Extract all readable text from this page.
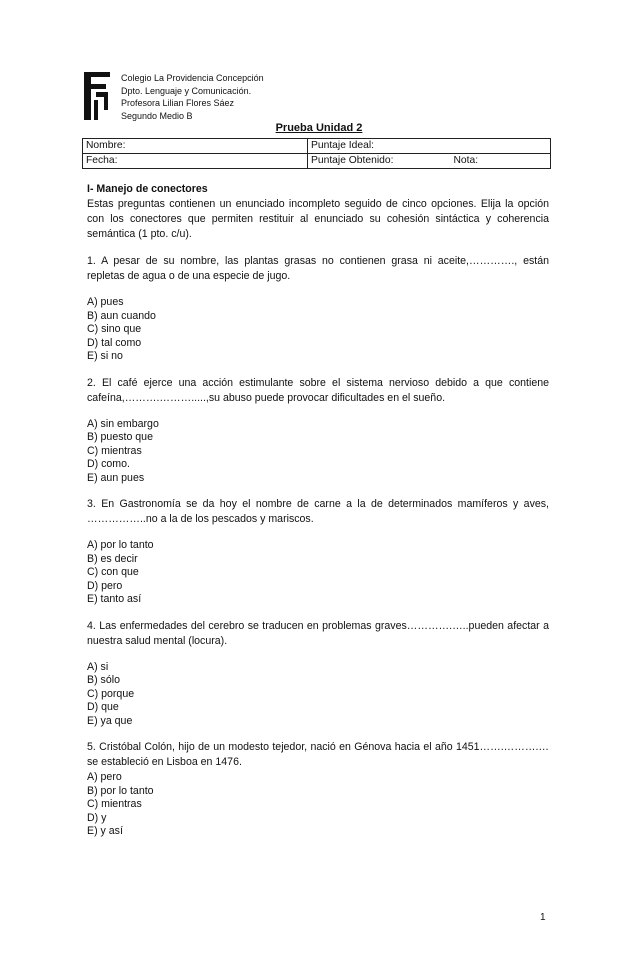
Colegio La Providencia Concepción
Dpto. Lenguaje y Comunicación.
Profesora Lilian Flores Sáez
Segundo Medio B
Prueba Unidad 2
Nombre:	Puntaje Ideal:
Fecha:	Puntaje Obtenido: Nota:

I- Manejo de conectores

Estas preguntas contienen un enunciado incompleto seguido de cinco opciones. Elija la opción con los conectores que permiten restituir al enunciado su cohesión sintáctica y coherencia semántica (1 pto. c/u).

1. A pesar de su nombre, las plantas grasas no contienen grasa ni aceite,…………., están repletas de agua o de una especie de jugo.

A) pues
B) aun cuando
C) sino que
D) tal como
E) si no

2. El café ejerce una acción estimulante sobre el sistema nervioso debido a que contiene cafeína,……….……….....,su abuso puede provocar dificultades en el sueño.

A) sin embargo
B) puesto que
C) mientras
D) como.
E) aun pues

3. En Gastronomía se da hoy el nombre de carne a la de determinados mamíferos y aves, ……………..no a la de los pescados y mariscos.

A) por lo tanto
B) es decir
C) con que
D) pero
E) tanto así

4. Las enfermedades del cerebro se traducen en problemas graves………….…..pueden afectar a nuestra salud mental (locura).

A) si
B) sólo
C) porque
D) que
E) ya que

5. Cristóbal Colón, hijo de un modesto tejedor, nació en Génova hacia el año 1451…….……….…se estableció en Lisboa en 1476.

A) pero
B) por lo tanto
C) mientras
D) y
E) y así
1
